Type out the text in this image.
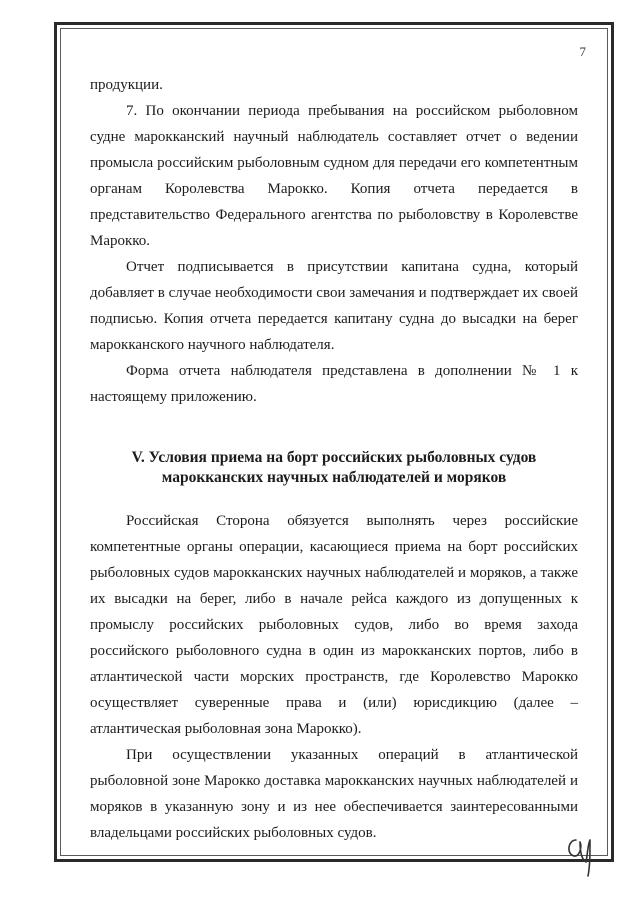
7

продукции.

7. По окончании периода пребывания на российском рыболовном судне марокканский научный наблюдатель составляет отчет о ведении промысла российским рыболовным судном для передачи его компетентным органам Королевства Марокко. Копия отчета передается в представительство Федерального агентства по рыболовству в Королевстве Марокко.

Отчет подписывается в присутствии капитана судна, который добавляет в случае необходимости свои замечания и подтверждает их своей подписью. Копия отчета передается капитану судна до высадки на берег марокканского научного наблюдателя.

Форма отчета наблюдателя представлена в дополнении № 1 к настоящему приложению.

V. Условия приема на борт российских рыболовных судов
марокканских научных наблюдателей и моряков

Российская Сторона обязуется выполнять через российские компетентные органы операции, касающиеся приема на борт российских рыболовных судов марокканских научных наблюдателей и моряков, а также их высадки на берег, либо в начале рейса каждого из допущенных к промыслу российских рыболовных судов, либо во время захода российского рыболовного судна в один из марокканских портов, либо в атлантической части морских пространств, где Королевство Марокко осуществляет суверенные права и (или) юрисдикцию (далее – атлантическая рыболовная зона Марокко).

При осуществлении указанных операций в атлантической рыболовной зоне Марокко доставка марокканских научных наблюдателей и моряков в указанную зону и из нее обеспечивается заинтересованными владельцами российских рыболовных судов.
